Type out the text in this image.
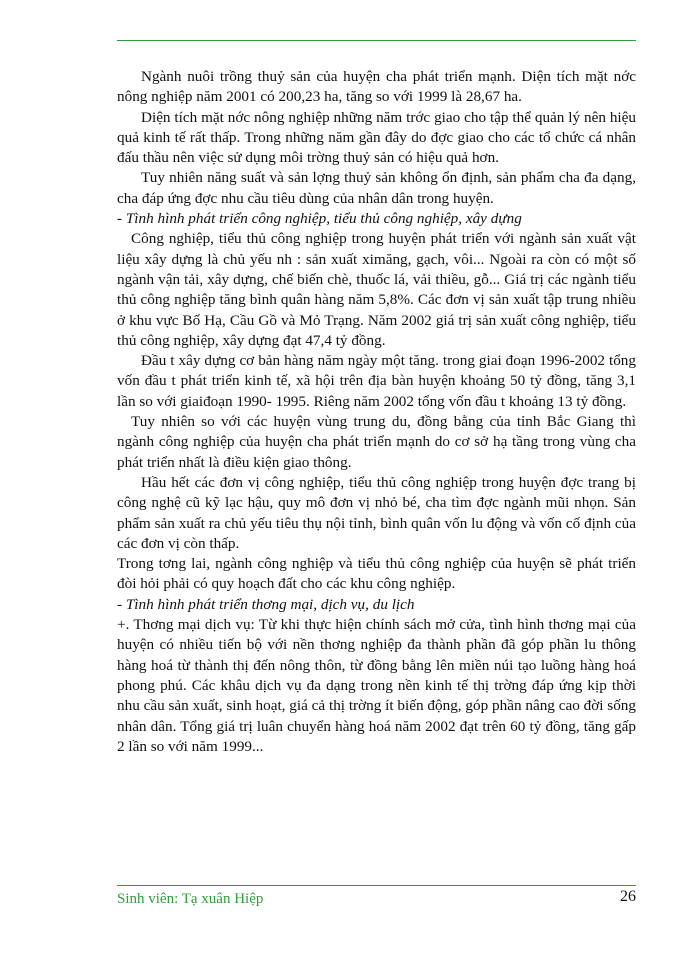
Ngành nuôi trồng thuỷ sản của huyện cha phát triển mạnh. Diện tích mặt nớc nông nghiệp năm 2001 có 200,23 ha, tăng so với 1999 là 28,67 ha.

Diện tích mặt nớc nông nghiệp những năm trớc giao cho tập thể quản lý nên hiệu quả kinh tế rất thấp. Trong những năm gần đây do đợc giao cho các tổ chức cá nhân đấu thầu nên việc sử dụng môi trờng thuỷ sản có hiệu quả hơn.

Tuy nhiên năng suất và sản lợng thuỷ sản không ổn định, sản phẩm cha đa dạng, cha đáp ứng đợc nhu cầu tiêu dùng của nhân dân trong huyện.

- Tình hình phát triển công nghiệp, tiểu thủ công nghiệp, xây dựng

Công nghiệp, tiểu thủ công nghiệp trong huyện phát triển với ngành sản xuất vật liệu xây dựng là chủ yếu nh : sản xuất ximăng, gạch, vôi... Ngoài ra còn có một số ngành vận tải, xây dựng, chế biến chè, thuốc lá, vải thiều, gỗ... Giá trị các ngành tiểu thủ công nghiệp tăng bình quân hàng năm 5,8%. Các đơn vị sản xuất tập trung nhiều ở khu vực Bố Hạ, Cầu Gồ và Mỏ Trạng. Năm 2002 giá trị sản xuất công nghiệp, tiểu thủ công nghiệp, xây dựng đạt 47,4 tỷ đồng.

Đầu t xây dựng cơ bản hàng năm ngày một tăng. trong giai đoạn 1996-2002 tổng vốn đầu t phát triển kinh tế, xã hội trên địa bàn huyện khoảng 50 tỷ đồng, tăng 3,1 lần so với giaiđoạn 1990- 1995. Riêng năm 2002 tổng vốn đầu t khoảng 13 tỷ đồng.

Tuy nhiên so với các huyện vùng trung du, đồng bằng của tỉnh Bắc Giang thì ngành công nghiệp của huyện cha phát triển mạnh do cơ sở hạ tầng trong vùng cha phát triển nhất là điều kiện giao thông.

Hầu hết các đơn vị công nghiệp, tiểu thủ công nghiệp trong huyện đợc trang bị công nghệ cũ kỹ lạc hậu, quy mô đơn vị nhỏ bé, cha tìm đợc ngành mũi nhọn. Sản phẩm sản xuất ra chủ yếu tiêu thụ nội tỉnh, bình quân vốn lu động và vốn cố định của các đơn vị còn thấp.

Trong tơng lai, ngành công nghiệp và tiểu thủ công nghiệp của huyện sẽ phát triển đòi hỏi phải có quy hoạch đất cho các khu công nghiệp.

- Tình hình phát triển thơng mại, dịch vụ, du lịch

+. Thơng mại dịch vụ: Từ khi thực hiện chính sách mở cửa, tình hình thơng mại của huyện có nhiều tiến bộ với nền thơng nghiệp đa thành phần đã góp phần lu thông hàng hoá từ thành thị đến nông thôn, từ đồng bằng lên miền núi tạo luồng hàng hoá phong phú. Các khâu dịch vụ đa dạng trong nền kinh tế thị trờng đáp ứng kịp thời nhu cầu sản xuất, sinh hoạt, giá cả thị trờng ít biến động, góp phần nâng cao đời sống nhân dân. Tổng giá trị luân chuyển hàng hoá năm 2002 đạt trên 60 tỷ đồng, tăng gấp 2 lần so với năm 1999...

Sinh viên: Tạ xuân Hiệp	26
